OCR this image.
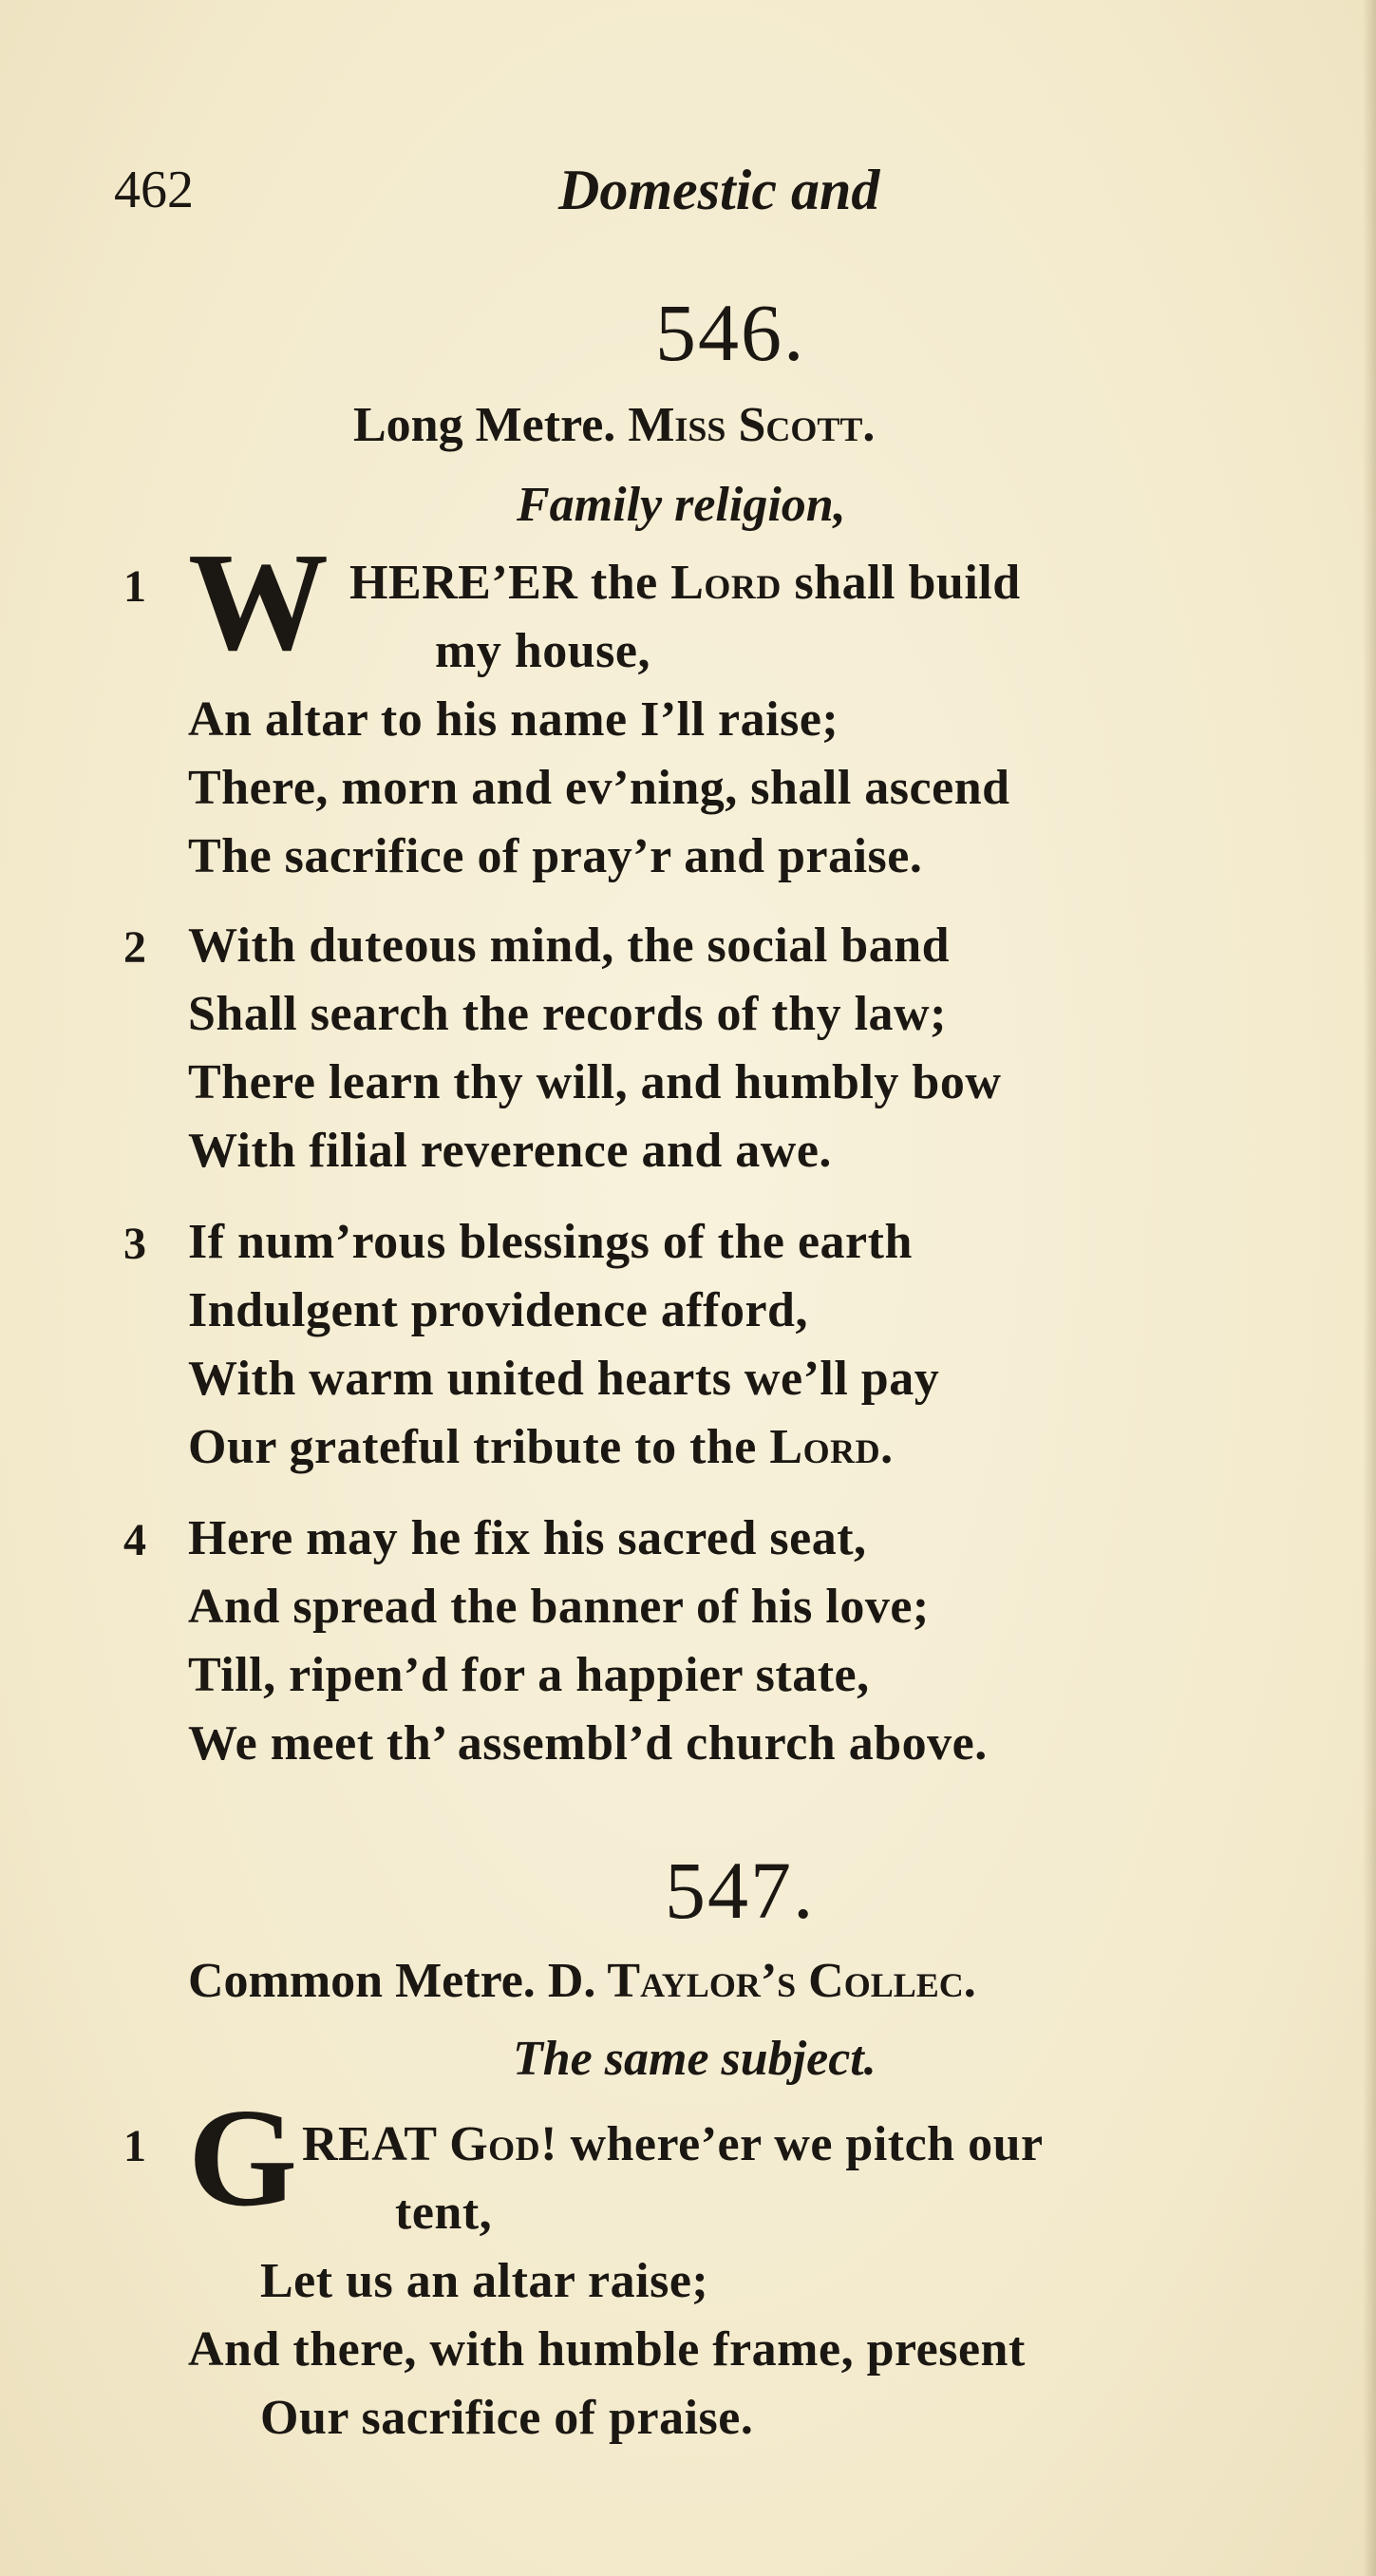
462	Domestic and
546.
Long Metre. Miss Scott.
Family religion,
1 W HERE’ER the Lord shall build
my house,
An altar to his name I’ll raise;
There, morn and ev’ning, shall ascend
The sacrifice of pray’r and praise.
2 With duteous mind, the social band
Shall search the records of thy law;
There learn thy will, and humbly bow
With filial reverence and awe.
3 If num’rous blessings of the earth
Indulgent providence afford,
With warm united hearts we’ll pay
Our grateful tribute to the Lord.
4 Here may he fix his sacred seat,
And spread the banner of his love;
Till, ripen’d for a happier state,
We meet th’ assembl’d church above.
547.
Common Metre. D. Taylor’s Collec.
The same subject.
1 G REAT God! where’er we pitch our
tent,
Let us an altar raise;
And there, with humble frame, present
Our sacrifice of praise.
